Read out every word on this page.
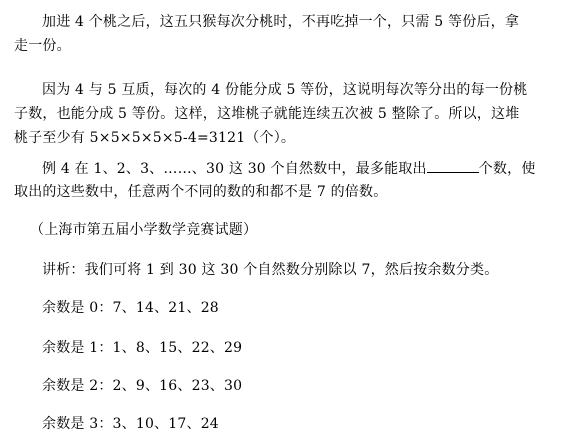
加进 4 个桃之后，这五只猴每次分桃时，不再吃掉一个，只需 5 等份后，拿
走一份。
因为 4 与 5 互质，每次的 4 份能分成 5 等份，这说明每次等分出的每一份桃
子数，也能分成 5 等份。这样，这堆桃子就能连续五次被 5 整除了。所以，这堆
桃子至少有 5×5×5×5×5-4=3121（个）。
例 4 在 1、2、3、……、30 这 30 个自然数中，最多能取出	个数，使
取出的这些数中，任意两个不同的数的和都不是 7 的倍数。
（上海市第五届小学数学竞赛试题）
讲析：我们可将 1 到 30 这 30 个自然数分别除以 7，然后按余数分类。
余数是 0：7、14、21、28
余数是 1：1、8、15、22、29
余数是 2：2、9、16、23、30
余数是 3：3、10、17、24
